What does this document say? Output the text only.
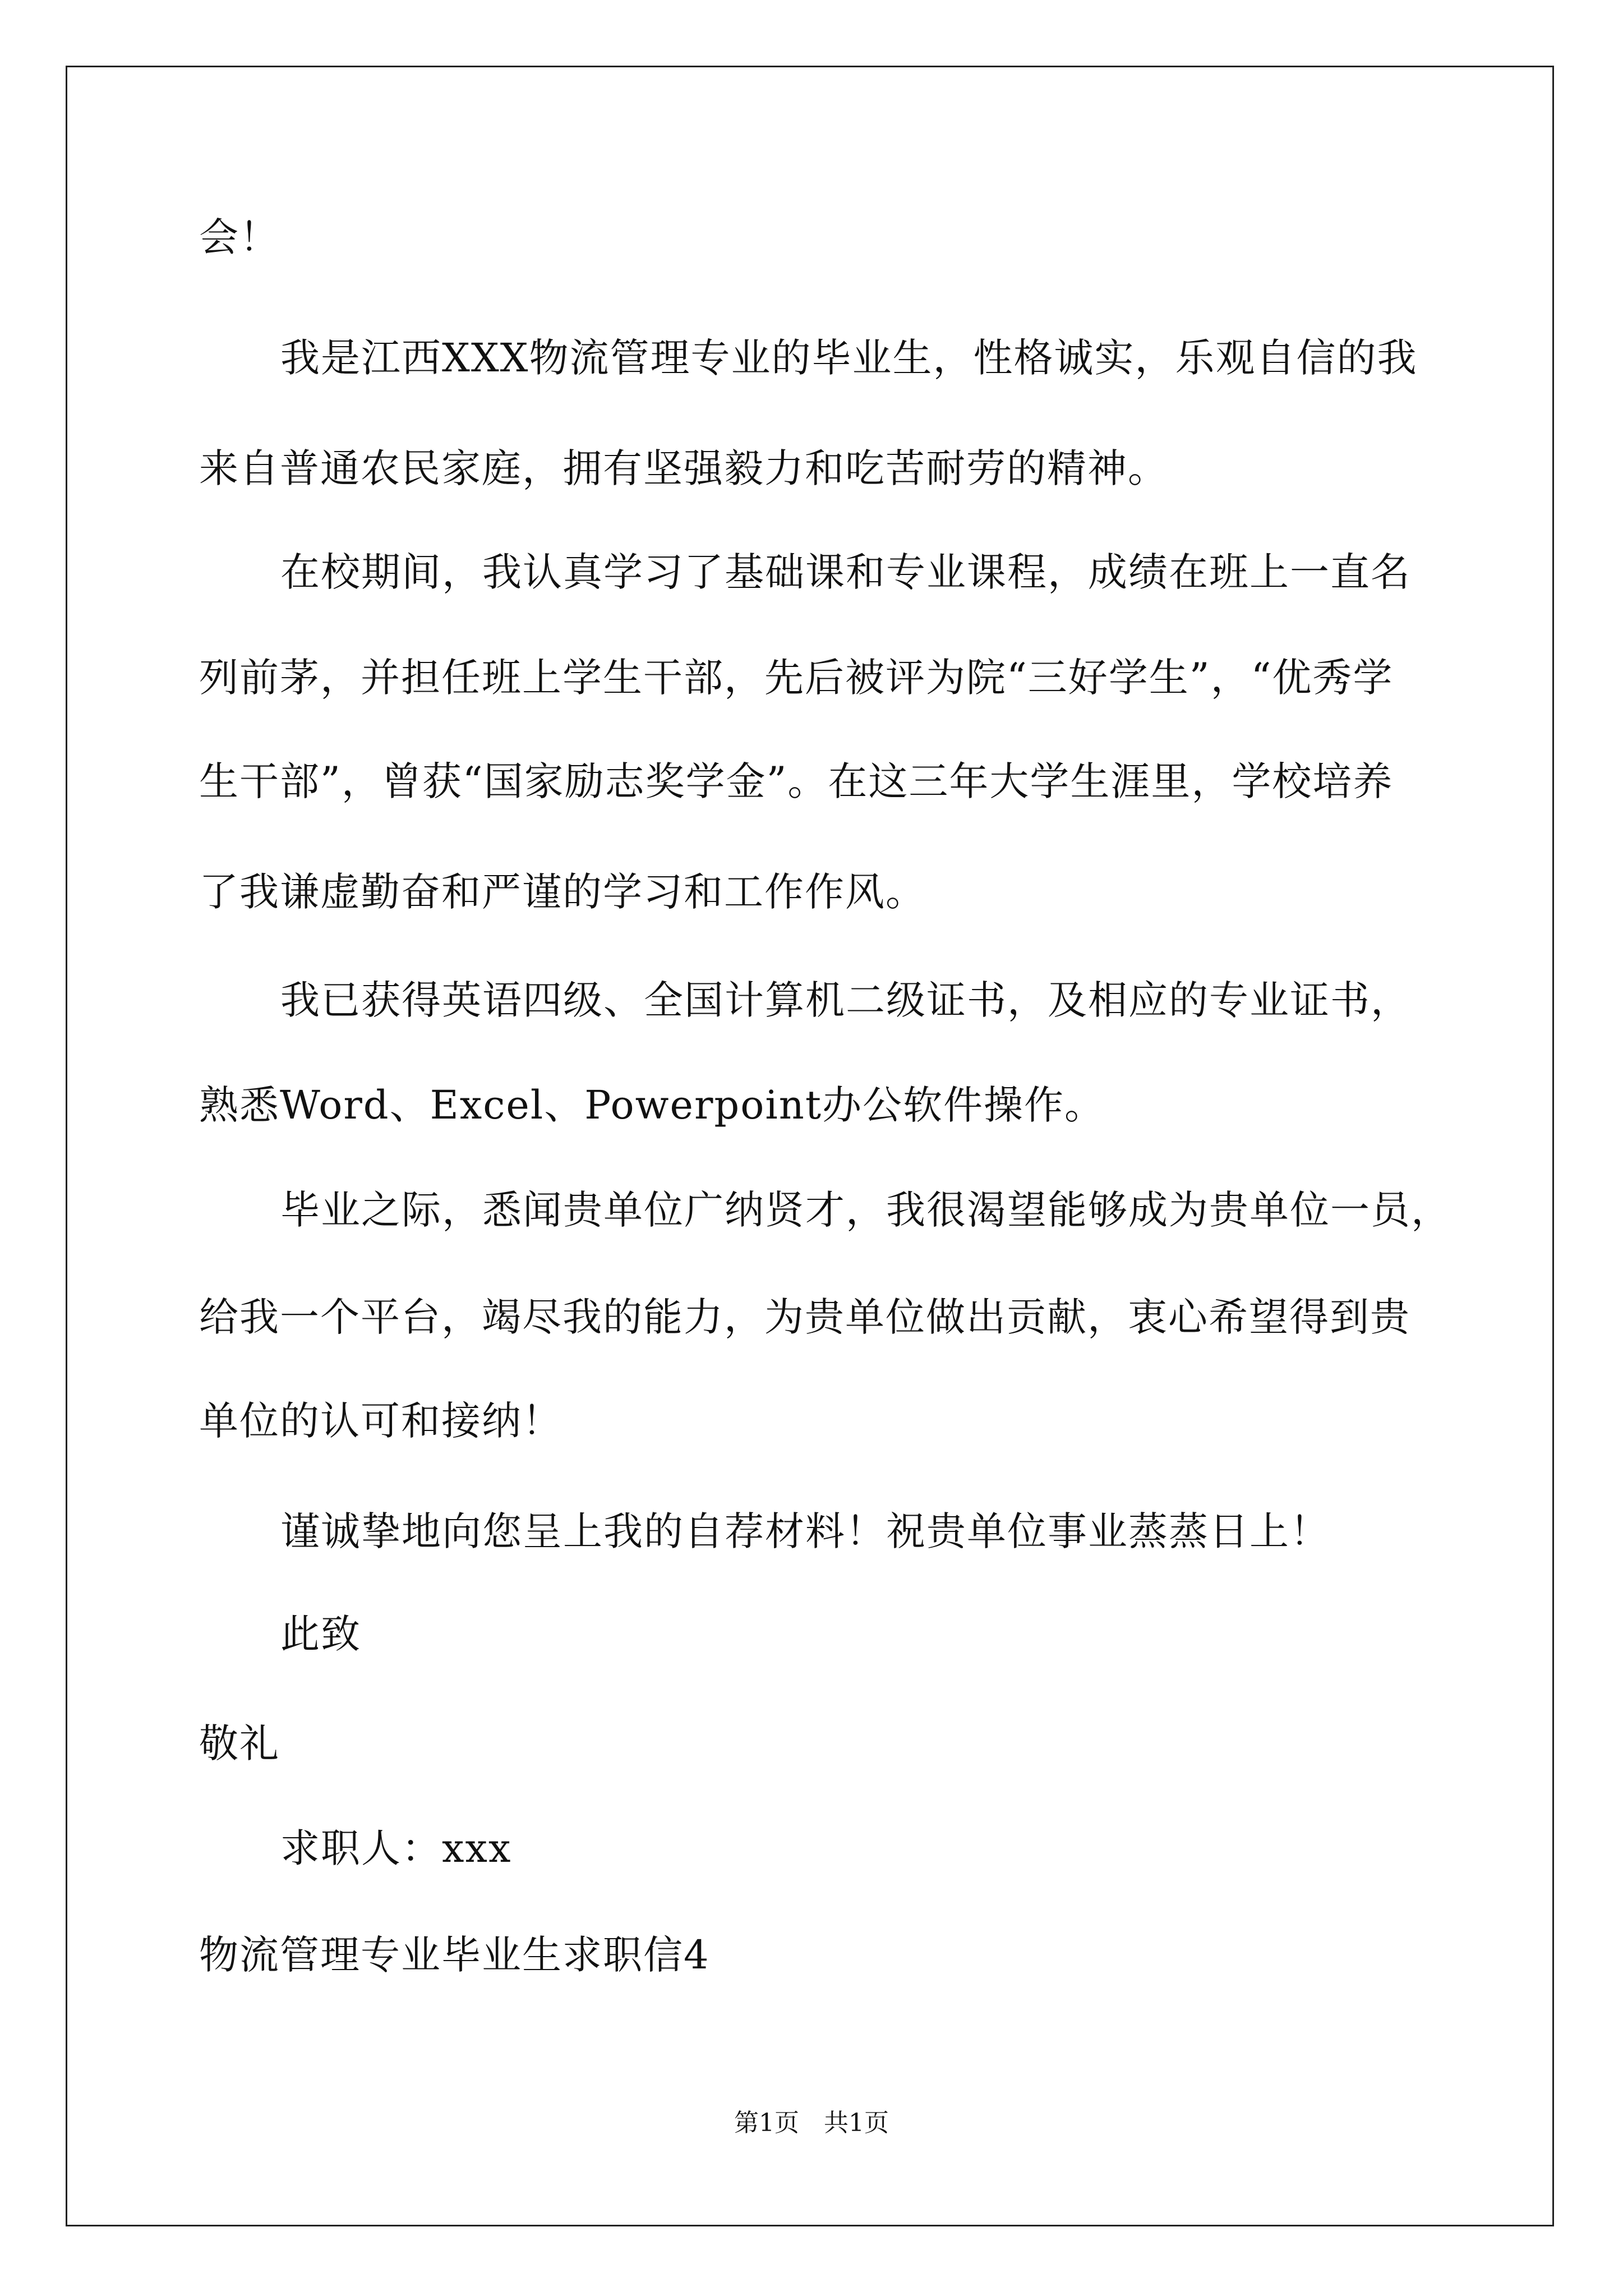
会！
我是江西XXX物流管理专业的毕业生，性格诚实，乐观自信的我
来自普通农民家庭，拥有坚强毅力和吃苦耐劳的精神。
在校期间，我认真学习了基础课和专业课程，成绩在班上一直名
列前茅，并担任班上学生干部，先后被评为院“三好学生”，“优秀学
生干部”，曾获“国家励志奖学金”。在这三年大学生涯里，学校培养
了我谦虚勤奋和严谨的学习和工作作风。
我已获得英语四级、全国计算机二级证书，及相应的专业证书，
熟悉Word、Excel、Powerpoint办公软件操作。
毕业之际，悉闻贵单位广纳贤才，我很渴望能够成为贵单位一员，
给我一个平台，竭尽我的能力，为贵单位做出贡献，衷心希望得到贵
单位的认可和接纳！
谨诚挚地向您呈上我的自荐材料！祝贵单位事业蒸蒸日上！
此致
敬礼
求职人：xxx
物流管理专业毕业生求职信4
第1页　共1页
